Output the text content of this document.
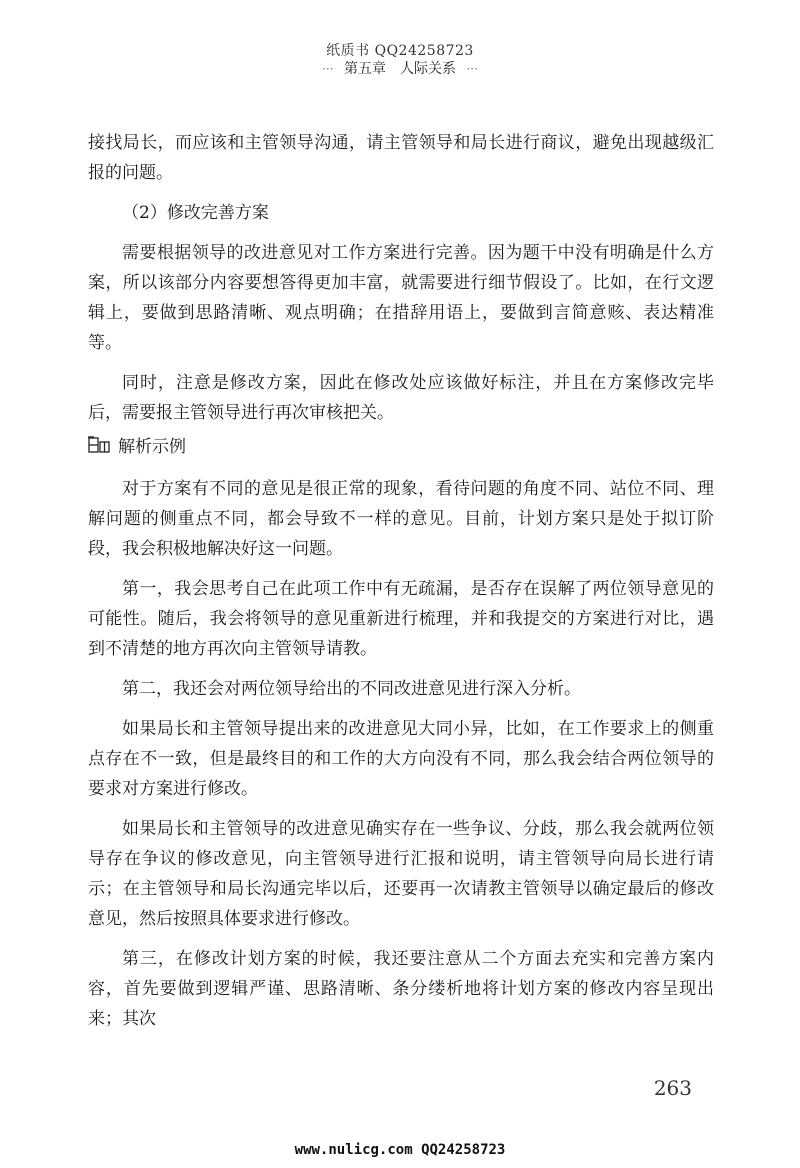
纸质书 QQ24258723
··· 第五章　人际关系 ···

接找局长，而应该和主管领导沟通，请主管领导和局长进行商议，避免出现越级汇报的问题。

（2）修改完善方案

需要根据领导的改进意见对工作方案进行完善。因为题干中没有明确是什么方案，所以该部分内容要想答得更加丰富，就需要进行细节假设了。比如，在行文逻辑上，要做到思路清晰、观点明确；在措辞用语上，要做到言简意赅、表达精准等。

同时，注意是修改方案，因此在修改处应该做好标注，并且在方案修改完毕后，需要报主管领导进行再次审核把关。

解析示例

对于方案有不同的意见是很正常的现象，看待问题的角度不同、站位不同、理解问题的侧重点不同，都会导致不一样的意见。目前，计划方案只是处于拟订阶段，我会积极地解决好这一问题。

第一，我会思考自己在此项工作中有无疏漏，是否存在误解了两位领导意见的可能性。随后，我会将领导的意见重新进行梳理，并和我提交的方案进行对比，遇到不清楚的地方再次向主管领导请教。

第二，我还会对两位领导给出的不同改进意见进行深入分析。

如果局长和主管领导提出来的改进意见大同小异，比如，在工作要求上的侧重点存在不一致，但是最终目的和工作的大方向没有不同，那么我会结合两位领导的要求对方案进行修改。

如果局长和主管领导的改进意见确实存在一些争议、分歧，那么我会就两位领导存在争议的修改意见，向主管领导进行汇报和说明，请主管领导向局长进行请示；在主管领导和局长沟通完毕以后，还要再一次请教主管领导以确定最后的修改意见，然后按照具体要求进行修改。

第三，在修改计划方案的时候，我还要注意从二个方面去充实和完善方案内容，首先要做到逻辑严谨、思路清晰、条分缕析地将计划方案的修改内容呈现出来；其次

263
www.nulicg.com QQ24258723
